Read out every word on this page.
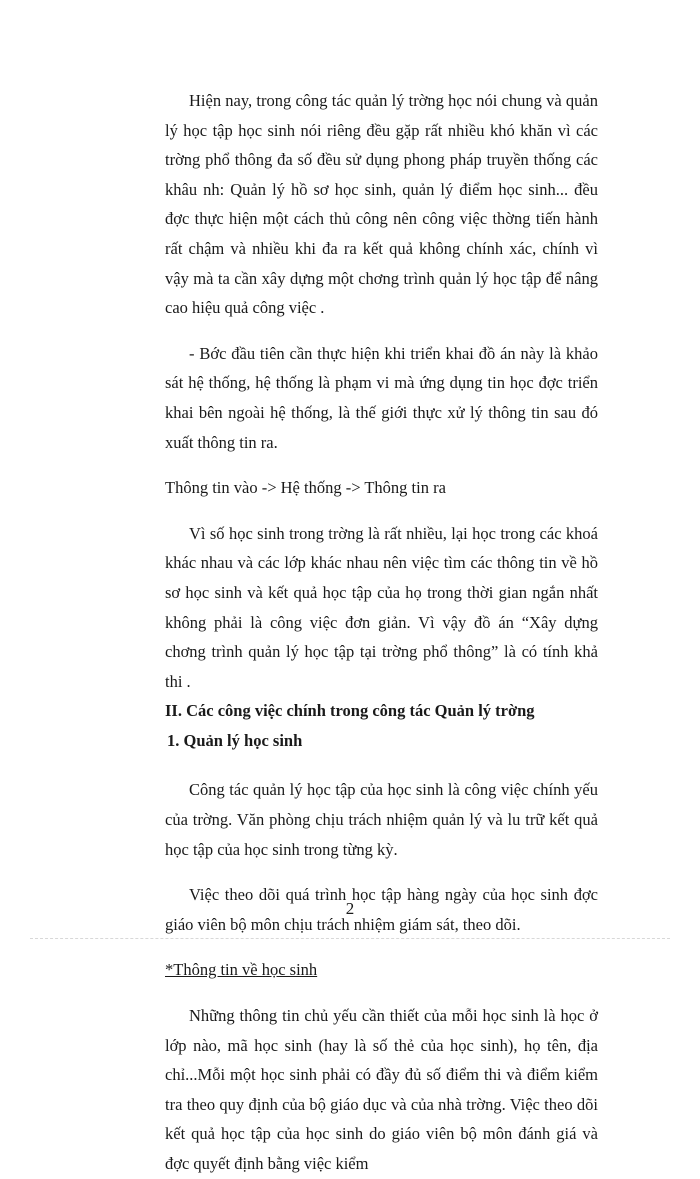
Hiện nay, trong công tác quản lý trờng học nói chung và quản lý học tập học sinh nói riêng đều gặp rất nhiều khó khăn vì các trờng phổ thông đa số đều sử dụng phong pháp truyền thống các khâu nh: Quản lý hồ sơ học sinh, quản lý điểm học sinh... đều đợc thực hiện một cách thủ công nên công việc thờng tiến hành rất chậm và nhiều khi đa ra kết quả không chính xác, chính vì vậy mà ta cần xây dựng một chơng trình quản lý học tập để nâng cao hiệu quả công việc .

- Bớc đầu tiên cần thực hiện khi triển khai đồ án này là khảo sát hệ thống, hệ thống là phạm vi mà ứng dụng tin học đợc triển khai bên ngoài hệ thống, là thế giới thực xử lý thông tin sau đó xuất thông tin ra.

Thông tin vào -> Hệ thống -> Thông tin ra

Vì số học sinh trong trờng là rất nhiều, lại học trong các khoá khác nhau và các lớp khác nhau nên việc tìm các thông tin về hồ sơ học sinh và kết quả học tập của họ trong thời gian ngắn nhất không phải là công việc đơn giản. Vì vậy đồ án “Xây dựng chơng trình quản lý học tập tại trờng phổ thông” là có tính khả thi .

II. Các công việc chính trong công tác Quản lý trờng

1. Quản lý học sinh

Công tác quản lý học tập của học sinh là công việc chính yếu của trờng. Văn phòng chịu trách nhiệm quản lý và lu trữ kết quả học tập của học sinh trong từng kỳ.

Việc theo dõi quá trình học tập hàng ngày của học sinh đợc giáo viên bộ môn chịu trách nhiệm giám sát, theo dõi.

*Thông tin về học sinh

Những thông tin chủ yếu cần thiết của mỗi học sinh là học ở lớp nào, mã học sinh (hay là số thẻ của học sinh), họ tên, địa chỉ...Mỗi một học sinh phải có đầy đủ số điểm thi và điểm kiểm tra theo quy định của bộ giáo dục và của nhà trờng. Việc theo dõi kết quả học tập của học sinh do giáo viên bộ môn đánh giá và đợc quyết định bằng việc kiểm

2
